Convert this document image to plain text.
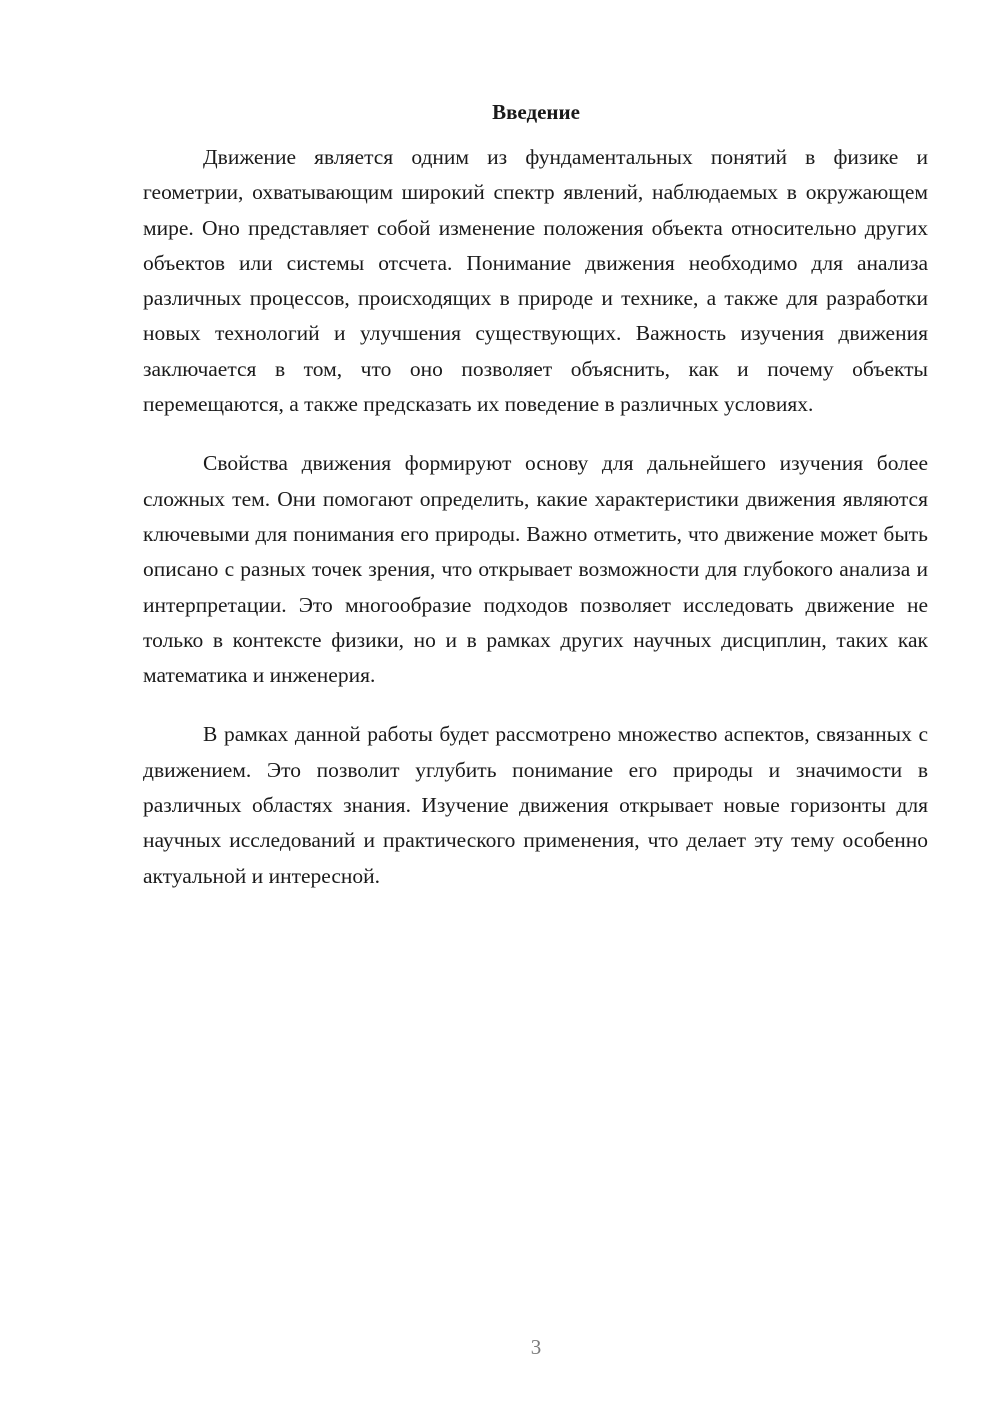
Введение

Движение является одним из фундаментальных понятий в физике и геометрии, охватывающим широкий спектр явлений, наблюдаемых в окружающем мире. Оно представляет собой изменение положения объекта относительно других объектов или системы отсчета. Понимание движения необходимо для анализа различных процессов, происходящих в природе и технике, а также для разработки новых технологий и улучшения существующих. Важность изучения движения заключается в том, что оно позволяет объяснить, как и почему объекты перемещаются, а также предсказать их поведение в различных условиях.

Свойства движения формируют основу для дальнейшего изучения более сложных тем. Они помогают определить, какие характеристики движения являются ключевыми для понимания его природы. Важно отметить, что движение может быть описано с разных точек зрения, что открывает возможности для глубокого анализа и интерпретации. Это многообразие подходов позволяет исследовать движение не только в контексте физики, но и в рамках других научных дисциплин, таких как математика и инженерия.

В рамках данной работы будет рассмотрено множество аспектов, связанных с движением. Это позволит углубить понимание его природы и значимости в различных областях знания. Изучение движения открывает новые горизонты для научных исследований и практического применения, что делает эту тему особенно актуальной и интересной.

3
